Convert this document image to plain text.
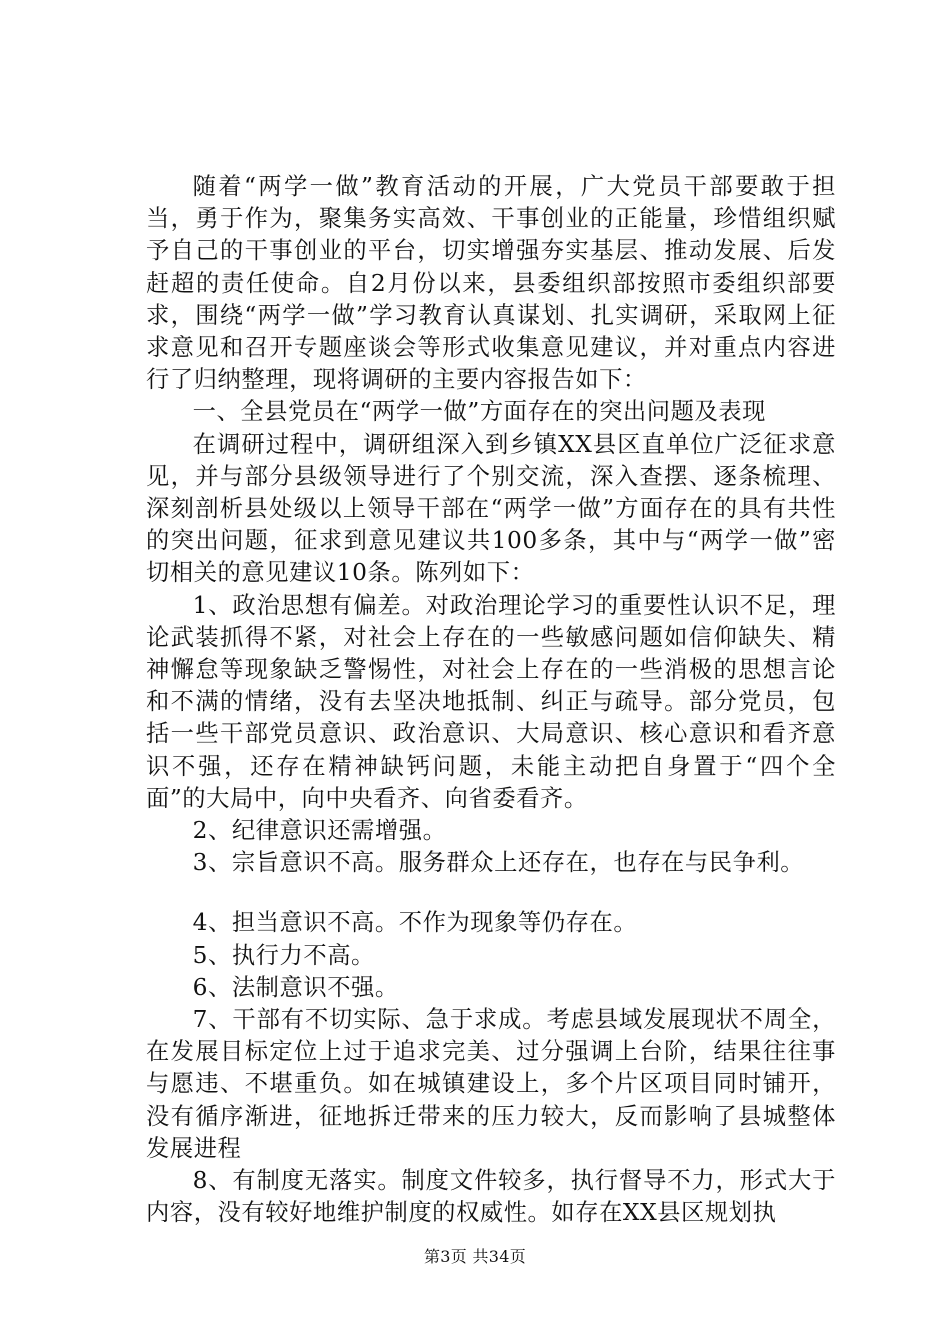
随着“两学一做”教育活动的开展，广大党员干部要敢于担当，勇于作为，聚集务实高效、干事创业的正能量，珍惜组织赋予自己的干事创业的平台，切实增强夯实基层、推动发展、后发赶超的责任使命。自2月份以来，县委组织部按照市委组织部要求，围绕“两学一做”学习教育认真谋划、扎实调研，采取网上征求意见和召开专题座谈会等形式收集意见建议，并对重点内容进行了归纳整理，现将调研的主要内容报告如下：

一、全县党员在“两学一做”方面存在的突出问题及表现

在调研过程中，调研组深入到乡镇XX县区直单位广泛征求意见，并与部分县级领导进行了个别交流，深入查摆、逐条梳理、深刻剖析县处级以上领导干部在“两学一做”方面存在的具有共性的突出问题，征求到意见建议共100多条，其中与“两学一做”密切相关的意见建议10条。陈列如下：

1、政治思想有偏差。对政治理论学习的重要性认识不足，理论武装抓得不紧，对社会上存在的一些敏感问题如信仰缺失、精神懈怠等现象缺乏警惕性，对社会上存在的一些消极的思想言论和不满的情绪，没有去坚决地抵制、纠正与疏导。部分党员，包括一些干部党员意识、政治意识、大局意识、核心意识和看齐意识不强，还存在精神缺钙问题，未能主动把自身置于“四个全面”的大局中，向中央看齐、向省委看齐。

2、纪律意识还需增强。

3、宗旨意识不高。服务群众上还存在，也存在与民争利。

4、担当意识不高。不作为现象等仍存在。

5、执行力不高。

6、法制意识不强。

7、干部有不切实际、急于求成。考虑县域发展现状不周全，在发展目标定位上过于追求完美、过分强调上台阶，结果往往事与愿违、不堪重负。如在城镇建设上，多个片区项目同时铺开，没有循序渐进，征地拆迁带来的压力较大，反而影响了县城整体发展进程

8、有制度无落实。制度文件较多，执行督导不力，形式大于内容，没有较好地维护制度的权威性。如存在XX县区规划执

第3页 共34页
